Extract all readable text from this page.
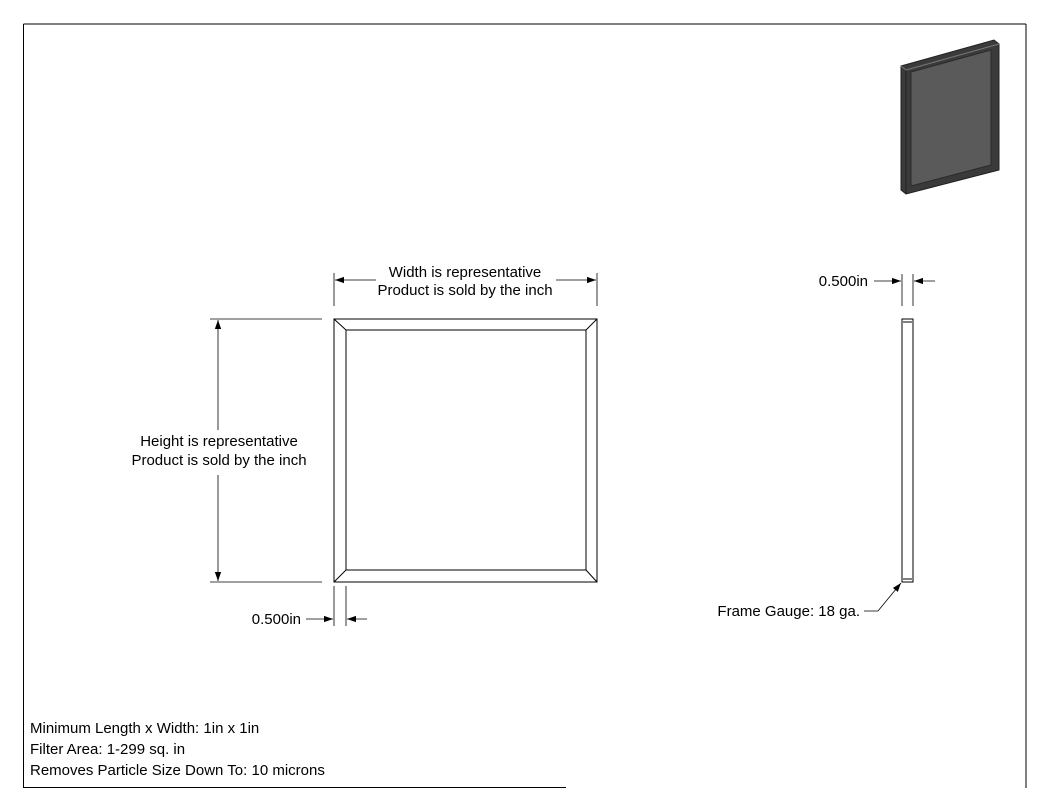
Width is representative
Product is sold by the inch
Height is representative
Product is sold by the inch
0.500in
0.500in
Frame Gauge: 18 ga.
Minimum Length x Width: 1in x 1in
Filter Area: 1-299 sq. in
Removes Particle Size Down To: 10 microns
